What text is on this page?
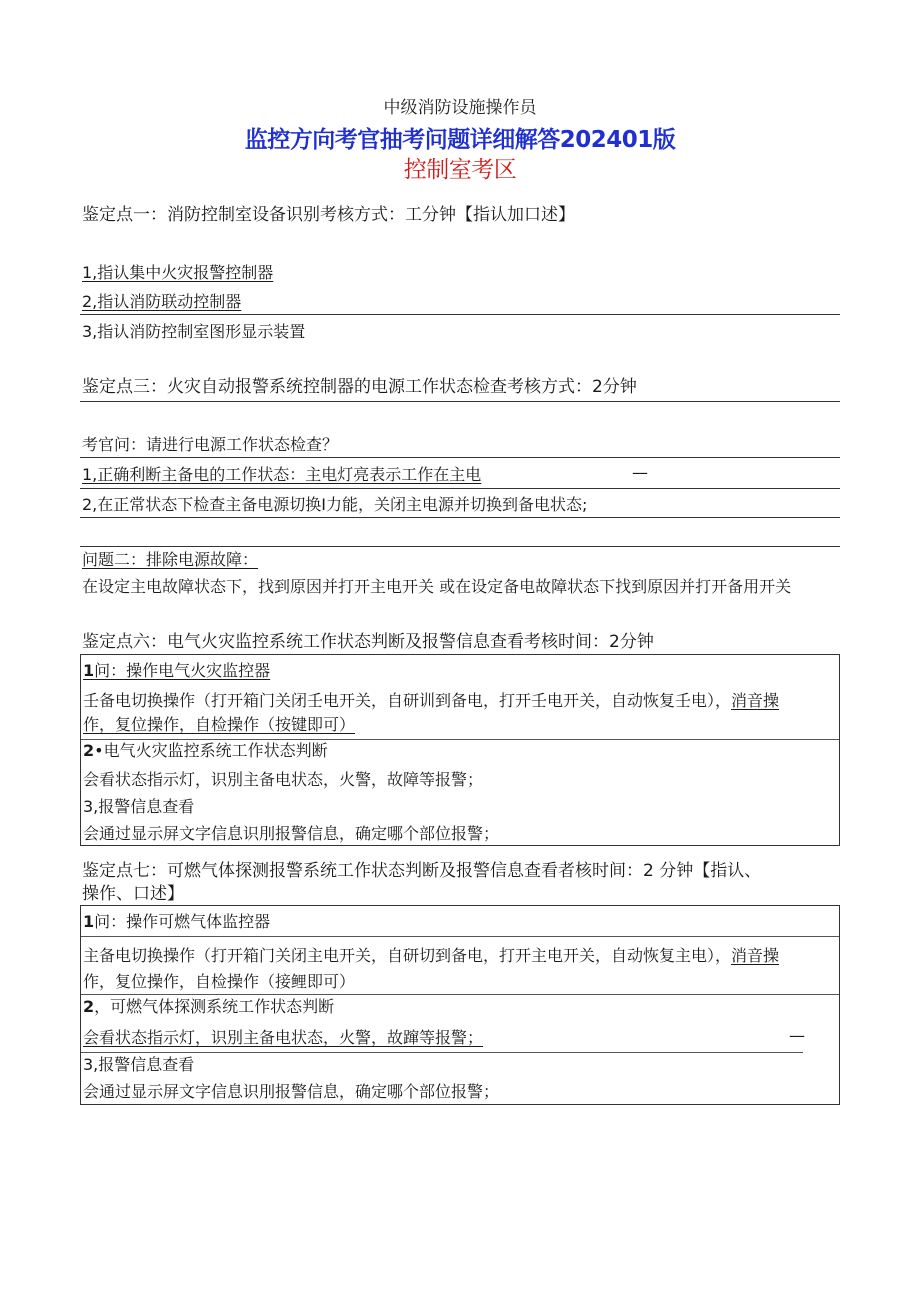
中级消防设施操作员
监控方向考官抽考问题详细解答202401版
控制室考区
鉴定点一：消防控制室设备识别考核方式：工分钟【指认加口述】
1,指认集中火灾报警控制器
2,指认消防联动控制器
3,指认消防控制室图形显示装置
鉴定点三：火灾自动报警系统控制器的电源工作状态检查考核方式：2分钟
考官问：请进行电源工作状态检查？
1,正确利断主备电的工作状态：主电灯亮表示工作在主电	—
2,在正常状态下检查主备电源切换I力能，关闭主电源并切换到备电状态;
问题二：排除电源故障：
在设定主电故障状态下，找到原因并打开主电开关 或在设定备电故障状态下找到原因并打开备用开关
鉴定点六：电气火灾监控系统工作状态判断及报警信息查看考核时间：2分钟
1问：操作电气火灾监控器
壬备电切换操作（打开箱门关闭壬电开关，自研训到备电，打开壬电开关，自动恢复壬电），消音操
作，复位操作，自检操作（按键即可）
2•电气火灾监控系统工作状态判断
会看状态指示灯，识別主备电状态，火警，故障等报警；
3,报警信息查看
会通过显示屏文字信息识刖报警信息，确定哪个部位报警；
鉴定点七：可燃气体探测报警系统工作状态判断及报警信息查看者核时间：2 分钟【指认、
操作、口述】
1问：操作可燃气体监控器
主备电切换操作（打开箱门关闭主电开关，自研切到备电，打开主电开关，自动恢复主电），消音操
作，复位操作，自检操作（接鲤即可）
2，可燃气体探测系统工作状态判断
会看状态指示灯，识別主备电状态，火警，故蹿等报警；	—
3,报警信息查看
会通过显示屏文字信息识刖报警信息，确定哪个部位报警；
